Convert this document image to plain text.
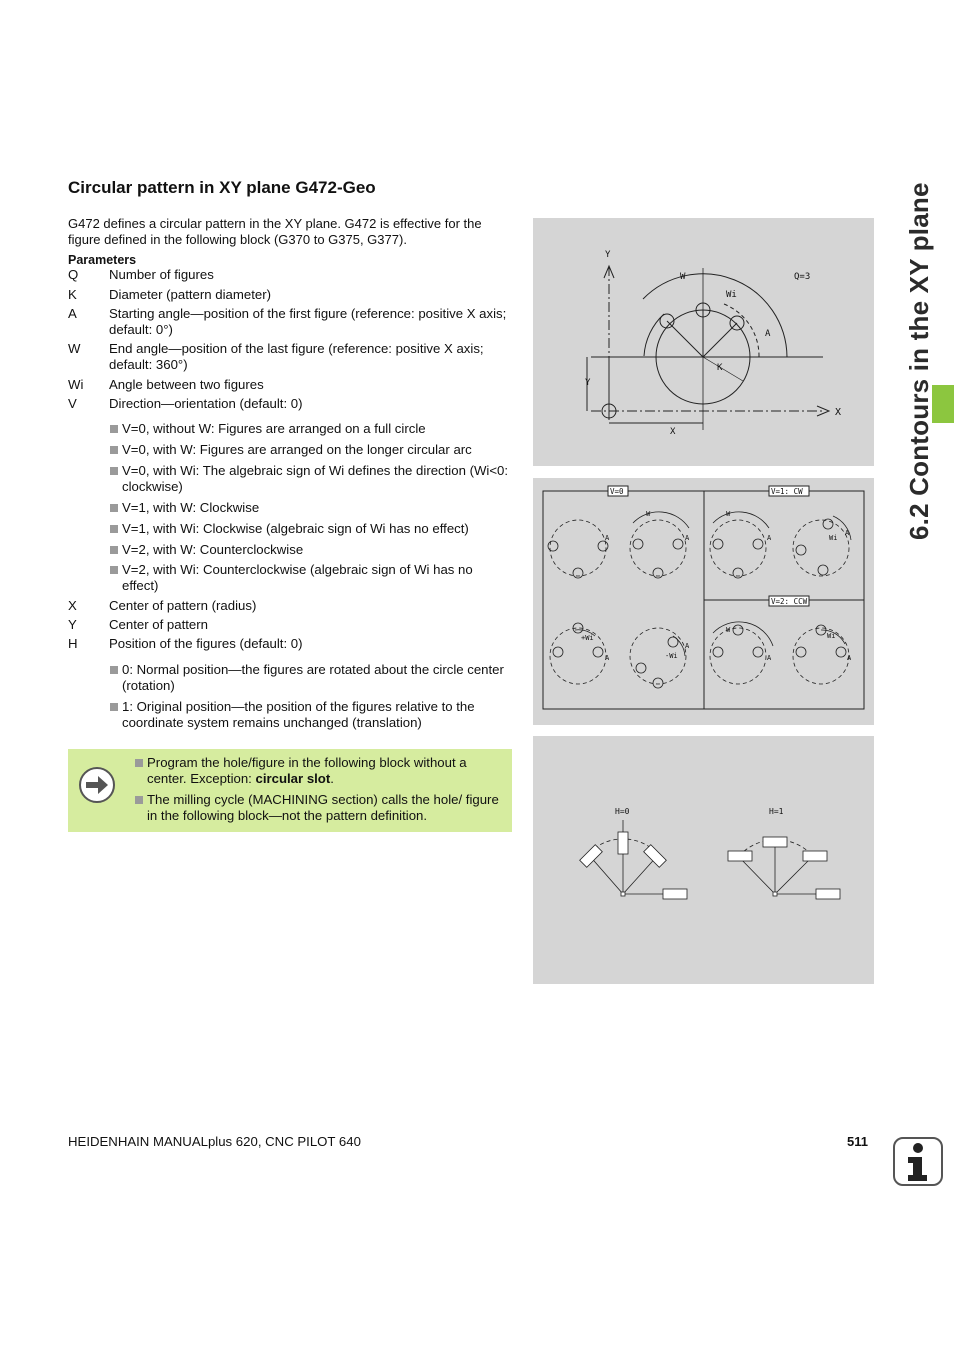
Circular pattern in XY plane G472-Geo

G472 defines a circular pattern in the XY plane. G472 is effective for the figure defined in the following block (G370 to G375, G377).

Parameters
Q Number of figures
K Diameter (pattern diameter)
A Starting angle—position of the first figure (reference: positive X axis; default: 0°)
W End angle—position of the last figure (reference: positive X axis; default: 360°)
Wi Angle between two figures
V Direction—orientation (default: 0)
V=0, without W: Figures are arranged on a full circle
V=0, with W: Figures are arranged on the longer circular arc
V=0, with Wi: The algebraic sign of Wi defines the direction (Wi<0: clockwise)
V=1, with W: Clockwise
V=1, with Wi: Clockwise (algebraic sign of Wi has no effect)
V=2, with W: Counterclockwise
V=2, with Wi: Counterclockwise (algebraic sign of Wi has no effect)
X Center of pattern (radius)
Y Center of pattern
H Position of the figures (default: 0)
0: Normal position—the figures are rotated about the circle center (rotation)
1: Original position—the position of the figures relative to the coordinate system remains unchanged (translation)
Program the hole/figure in the following block without a center. Exception: circular slot.
The milling cycle (MACHINING section) calls the hole/ figure in the following block—not the pattern definition.
Y
X
W
Wi
Q=3
A
K
Y
X
V=0	V=1: CW
V=2: CCW
A
W
A
W
A	Wi
A
+Wi
A	-Wi
A
W
A
Wi
A
H=0	H=1
6.2 Contours in the XY plane
HEIDENHAIN MANUALplus 620, CNC PILOT 640	511
